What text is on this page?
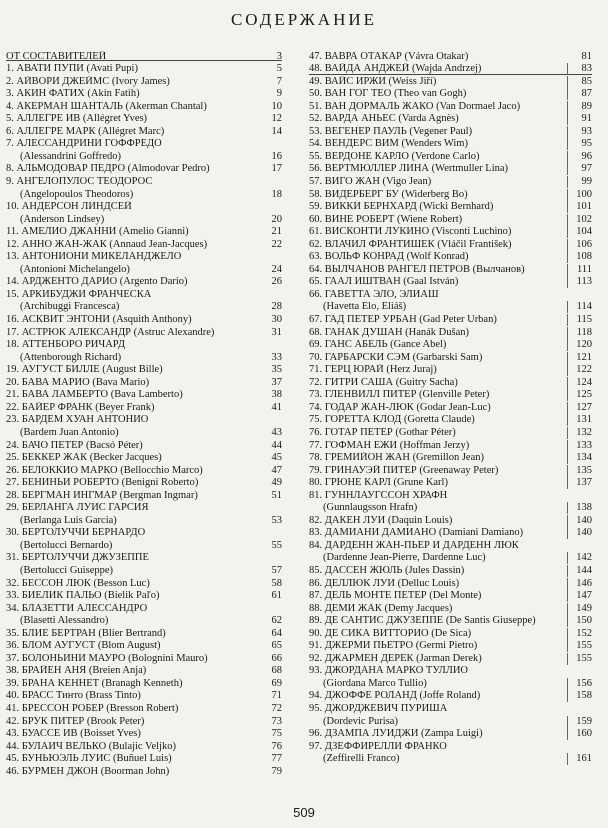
СОДЕРЖАНИЕ
ОТ СОСТАВИТЕЛЕЙ	3
1. АВАТИ ПУПИ (Avati Pupi)	5
2. АЙВОРИ ДЖЕЙМС (Ivory James)	7
3. АКИН ФАТИХ (Akin Fatih)	9
4. АКЕРМАН ШАНТАЛЬ (Akerman Chantal)	10
5. АЛЛЕГРЕ ИВ (Allégret Yves)	12
6. АЛЛЕГРЕ МАРК (Allégret Marc)	14
7. АЛЕССАНДРИНИ ГОФФРЕДО
(Alessandrini Goffredo)	16
8. АЛЬМОДОВАР ПЕДРО (Almodovar Pedro)	17
9. АНГЕЛОПУЛОС ТЕОДОРОС
(Angelopoulos Theodoros)	18
10. АНДЕРСОН ЛИНДСЕЙ
(Anderson Lindsey)	20
11. АМЕЛИО ДЖАННИ (Amelio Gianni)	21
12. АННО ЖАН-ЖАК (Annaud Jean-Jacques)	22
13. АНТОНИОНИ МИКЕЛАНДЖЕЛО
(Antonioni Michelangelo)	24
14. АРДЖЕНТО ДАРИО (Argento Dario)	26
15. АРКИБУДЖИ ФРАНЧЕСКА
(Archibuggi Francesca)	28
16. АСКВИТ ЭНТОНИ (Asquith Anthony)	30
17. АСТРЮК АЛЕКСАНДР (Astruc Alexandre)	31
18. АТТЕНБОРО РИЧАРД
(Attenborough Richard)	33
19. АУГУСТ БИЛЛЕ (August Bille)	35
20. БАВА МАРИО (Bava Mario)	37
21. БАВА ЛАМБЕРТО (Bava Lamberto)	38
22. БАЙЕР ФРАНК (Beyer Frank)	41
23. БАРДЕМ ХУАН АНТОНИО
(Bardem Juan Antonio)	43
24. БАЧО ПЕТЕР (Bacsó Péter)	44
25. БЕККЕР ЖАК (Becker Jacques)	45
26. БЕЛОККИО МАРКО (Bellocchio Marco)	47
27. БЕНИНЬИ РОБЕРТО (Benigni Roberto)	49
28. БЕРГМАН ИНГМАР (Bergman Ingmar)	51
29. БЕРЛАНГА ЛУИС ГАРСИЯ
(Berlanga Luis Garcia)	53
30. БЕРТОЛУЧЧИ БЕРНАРДО
(Bertolucci Bernardo)	55
31. БЕРТОЛУЧЧИ ДЖУЗЕППЕ
(Bertolucci Guiseppe)	57
32. БЕССОН ЛЮК (Besson Luc)	58
33. БИЕЛИК ПАЛЬО (Bielik Paľo)	61
34. БЛАЗЕТТИ АЛЕССАНДРО
(Blasetti Alessandro)	62
35. БЛИЕ БЕРТРАН (Blier Bertrand)	64
36. БЛОМ АУГУСТ (Blom August)	65
37. БОЛОНЬИНИ МАУРО (Bolognini Mauro)	66
38. БРАЙЕН АНЯ (Breien Anja)	68
39. БРАНА КЕННЕТ (Branagh Kenneth)	69
40. БРАСС Тинто (Brass Tinto)	71
41. БРЕССОН РОБЕР (Bresson Robert)	72
42. БРУК ПИТЕР (Brook Peter)	73
43. БУАССЕ ИВ (Boisset Yves)	75
44. БУЛАИЧ ВЕЛЬКО (Bulajic Veljko)	76
45. БУНЬЮЭЛЬ ЛУИС (Buñuel Luis)	77
46. БУРМЕН ДЖОН (Boorman John)	79
47. ВАВРА ОТАКАР (Vávra Otakar)	81
48. ВАЙДА АНДЖЕЙ (Wajda Andrzej)	83
49. ВАЙС ИРЖИ (Weiss Jiří)	85
50. ВАН ГОГ ТЕО (Theo van Gogh)	87
51. ВАН ДОРМАЛЬ ЖАКО (Van Dormael Jaco)	89
52. ВАРДА АНЬЕС (Varda Agnès)	91
53. ВЕГЕНЕР ПАУЛЬ (Vegener Paul)	93
54. ВЕНДЕРС ВИМ (Wenders Wim)	95
55. ВЕРДОНЕ КАРЛО (Verdone Carlo)	96
56. ВЕРТМЮЛЛЕР ЛИНА (Wertmuller Lina)	97
57. ВИГО ЖАН (Vigo Jean)	99
58. ВИДЕРБЕРГ БУ (Widerberg Bo)	100
59. ВИККИ БЕРНХАРД (Wicki Bernhard)	101
60. ВИНЕ РОБЕРТ (Wiene Robert)	102
61. ВИСКОНТИ ЛУКИНО (Visconti Luchino)	104
62. ВЛАЧИЛ ФРАНТИШЕК (Vláčil František)	106
63. ВОЛЬФ КОНРАД (Wolf Konrad)	108
64. ВЫЛЧАНОВ РАНГЕЛ ПЕТРОВ (Вылчанов)	111
65. ГААЛ ИШТВАН (Gaal István)	113
66. ГАВЕТТА ЭЛО, ЭЛИАШ
(Havetta Elo, Eliáš)	114
67. ГАД ПЕТЕР УРБАН (Gad Peter Urban)	115
68. ГАНАК ДУШАН (Hanák Dušan)	118
69. ГАНС АБЕЛЬ (Gance Abel)	120
70. ГАРБАРСКИ СЭМ (Garbarski Sam)	121
71. ГЕРЦ ЮРАЙ (Herz Juraj)	122
72. ГИТРИ САША (Guitry Sacha)	124
73. ГЛЕНВИЛЛ ПИТЕР (Glenville Peter)	125
74. ГОДАР ЖАН-ЛЮК (Godar Jean-Luc)	127
75. ГОРЕТТА КЛОД (Goretta Claude)	131
76. ГОТАР ПЕТЕР (Gothar Péter)	132
77. ГОФМАН ЕЖИ (Hoffman Jerzy)	133
78. ГРЕМИЙОН ЖАН (Gremillon Jean)	134
79. ГРИНАУЭЙ ПИТЕР (Greenaway Peter)	135
80. ГРЮНЕ КАРЛ (Grune Karl)	137
81. ГУННЛАУГССОН ХРАФН
(Gunnlaugsson Hrafn)	138
82. ДАКЕН ЛУИ (Daquin Louis)	140
83. ДАМИАНИ ДАМИАНО (Damiani Damiano)	140
84. ДАРДЕНН ЖАН-ПЬЕР И ДАРДЕНН ЛЮК
(Dardenne Jean-Pierre, Dardenne Luc)	142
85. ДАССЕН ЖЮЛЬ (Jules Dassin)	144
86. ДЕЛЛЮК ЛУИ (Delluc Louis)	146
87. ДЕЛЬ МОНТЕ ПЕТЕР (Del Monte)	147
88. ДЕМИ ЖАК (Demy Jacques)	149
89. ДЕ САНТИС ДЖУЗЕППЕ (De Santis Giuseppe)	150
90. ДЕ СИКА ВИТТОРИО (De Sica)	152
91. ДЖЕРМИ ПЬЕТРО (Germi Pietro)	155
92. ДЖАРМЕН ДЕРЕК (Jarman Derek)	155
93. ДЖОРДАНА МАРКО ТУЛЛИО
(Giordana Marco Tullio)	156
94. ДЖОФФЕ РОЛАНД (Joffe Roland)	158
95. ДЖОРДЖЕВИЧ ПУРИША
(Dordevic Purisa)	159
96. ДЗАМПА ЛУИДЖИ (Zampa Luigi)	160
97. ДЗЕФФИРЕЛЛИ ФРАНКО
(Zeffirelli Franco)	161
509
